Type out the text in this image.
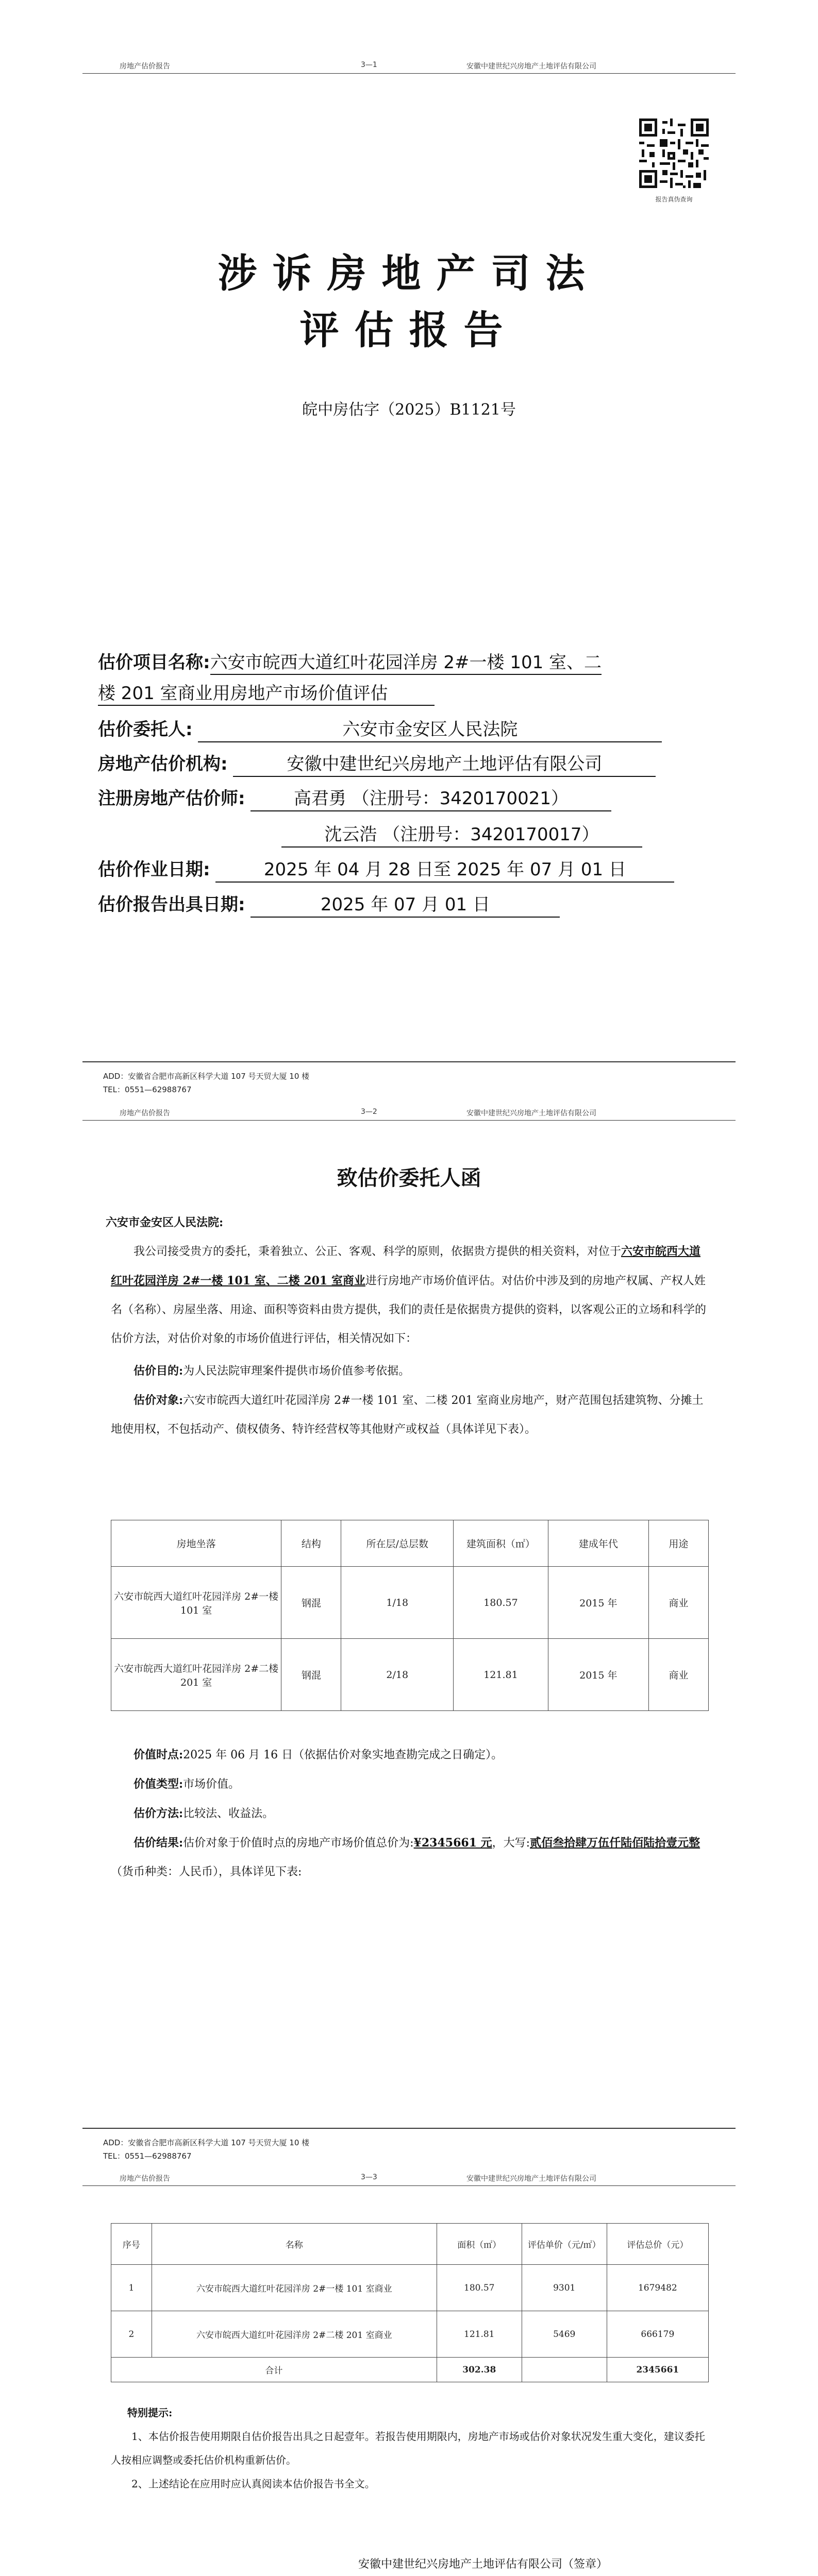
房地产估价报告	3—1	安徽中建世纪兴房地产土地评估有限公司
报告真伪查询
涉诉房地产司法
评估报告
皖中房估字（2025）B1121号
估价项目名称:六安市皖西大道红叶花园洋房 2#一楼 101 室、二
楼 201 室商业用房地产市场价值评估
估价委托人:	六安市金安区人民法院
房地产估价机构:	安徽中建世纪兴房地产土地评估有限公司
注册房地产估价师:	高君勇 （注册号：3420170021）
沈云浩 （注册号：3420170017）
估价作业日期:	2025 年 04 月 28 日至 2025 年 07 月 01 日
估价报告出具日期:	2025 年 07 月 01 日
ADD：安徽省合肥市高新区科学大道 107 号天贸大厦 10 楼
TEL：0551—62988767
房地产估价报告	3—2	安徽中建世纪兴房地产土地评估有限公司
致估价委托人函
六安市金安区人民法院:

我公司接受贵方的委托，秉着独立、公正、客观、科学的原则，依据贵方提供的相关资料，对位于六安市皖西大道红叶花园洋房 2#一楼 101 室、二楼 201 室商业进行房地产市场价值评估。对估价中涉及到的房地产权属、产权人姓名（名称）、房屋坐落、用途、面积等资料由贵方提供，我们的责任是依据贵方提供的资料，以客观公正的立场和科学的估价方法，对估价对象的市场价值进行评估，相关情况如下：

估价目的:为人民法院审理案件提供市场价值参考依据。

估价对象:六安市皖西大道红叶花园洋房 2#一楼 101 室、二楼 201 室商业房地产，财产范围包括建筑物、分摊土地使用权，不包括动产、债权债务、特许经营权等其他财产或权益（具体详见下表）。

房地坐落	结构	所在层/总层数	建筑面积（㎡）	建成年代	用途
六安市皖西大道红叶花园洋房 2#一楼 101 室	钢混	1/18	180.57	2015 年	商业
六安市皖西大道红叶花园洋房 2#二楼 201 室	钢混	2/18	121.81	2015 年	商业

价值时点:2025 年 06 月 16 日（依据估价对象实地查勘完成之日确定）。

价值类型:市场价值。

估价方法:比较法、收益法。

估价结果:估价对象于价值时点的房地产市场价值总价为:¥2345661 元，大写:贰佰叁拾肆万伍仟陆佰陆拾壹元整（货币种类：人民币），具体详见下表:

ADD：安徽省合肥市高新区科学大道 107 号天贸大厦 10 楼
TEL：0551—62988767
房地产估价报告	3—3	安徽中建世纪兴房地产土地评估有限公司
序号	名称	面积（㎡）	评估单价（元/㎡）	评估总价（元）
1	六安市皖西大道红叶花园洋房 2#一楼 101 室商业	180.57	9301	1679482
2	六安市皖西大道红叶花园洋房 2#二楼 201 室商业	121.81	5469	666179
合计		302.38		2345661
特别提示:

1、本估价报告使用期限自估价报告出具之日起壹年。若报告使用期限内，房地产市场或估价对象状况发生重大变化，建议委托人按相应调整或委托估价机构重新估价。

2、上述结论在应用时应认真阅读本估价报告书全文。

安徽中建世纪兴房地产土地评估有限公司（签章）
